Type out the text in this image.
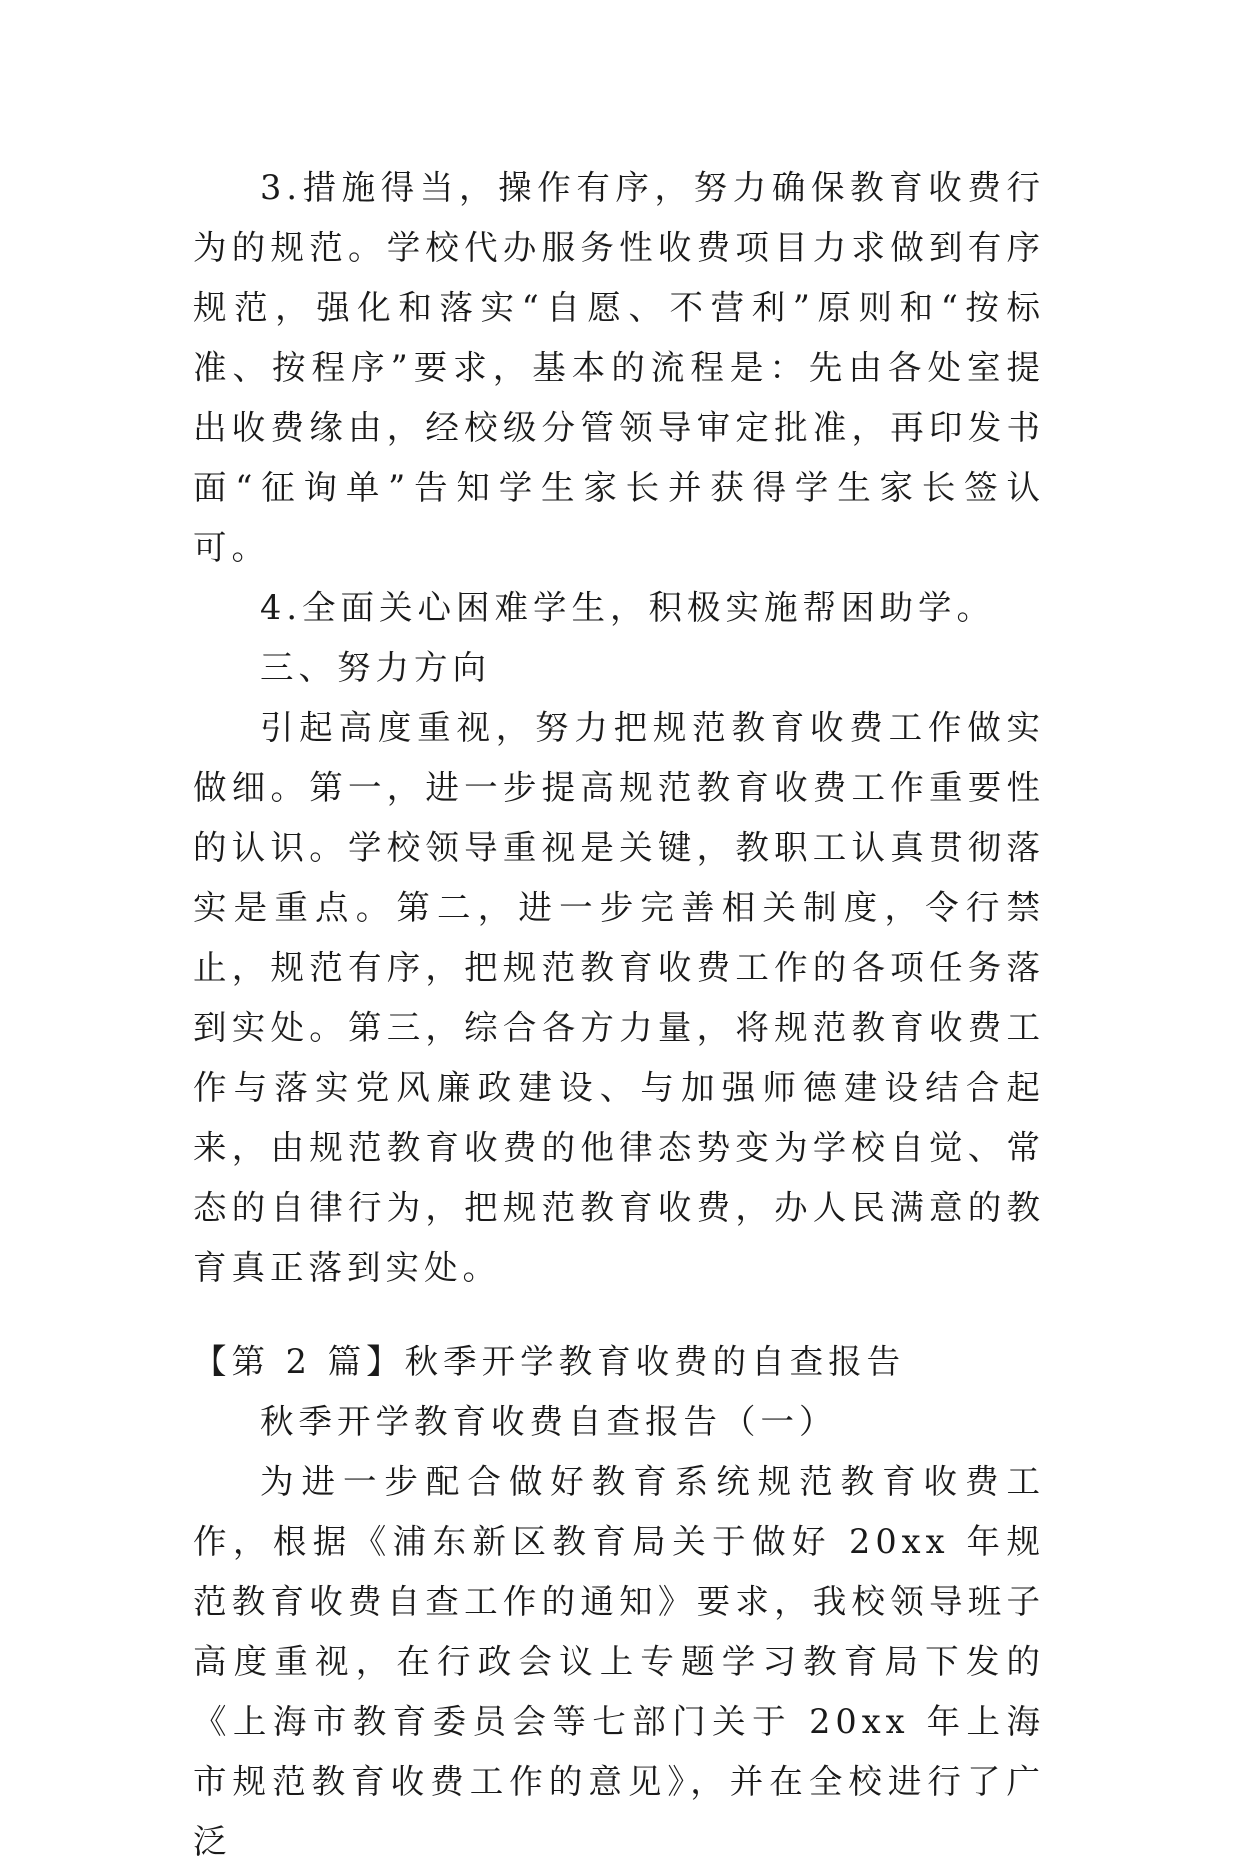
3.措施得当，操作有序，努力确保教育收费行为的规范。学校代办服务性收费项目力求做到有序规范，强化和落实“自愿、不营利”原则和“按标准、按程序”要求，基本的流程是：先由各处室提出收费缘由，经校级分管领导审定批准，再印发书面“征询单”告知学生家长并获得学生家长签认可。

4.全面关心困难学生，积极实施帮困助学。

三、努力方向

引起高度重视，努力把规范教育收费工作做实做细。第一，进一步提高规范教育收费工作重要性的认识。学校领导重视是关键，教职工认真贯彻落实是重点。第二，进一步完善相关制度，令行禁止，规范有序，把规范教育收费工作的各项任务落到实处。第三，综合各方力量，将规范教育收费工作与落实党风廉政建设、与加强师德建设结合起来，由规范教育收费的他律态势变为学校自觉、常态的自律行为，把规范教育收费，办人民满意的教育真正落到实处。

【第 2 篇】秋季开学教育收费的自查报告

秋季开学教育收费自查报告（一）

为进一步配合做好教育系统规范教育收费工作，根据《浦东新区教育局关于做好 20xx 年规范教育收费自查工作的通知》要求，我校领导班子高度重视，在行政会议上专题学习教育局下发的《上海市教育委员会等七部门关于 20xx 年上海市规范教育收费工作的意见》，并在全校进行了广泛
